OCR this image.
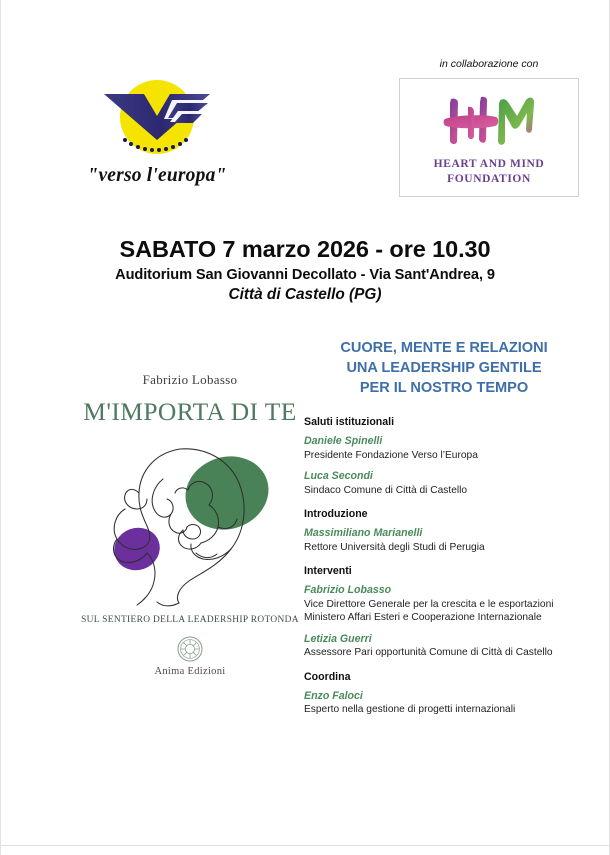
"verso l'europa"
in collaborazione con
HEART AND MIND
FOUNDATION
SABATO 7 marzo 2026 - ore 10.30
Auditorium San Giovanni Decollato - Via Sant'Andrea, 9
Città di Castello (PG)
Fabrizio Lobasso
M'IMPORTA DI TE
SUL SENTIERO DELLA LEADERSHIP ROTONDA
Anima Edizioni
CUORE, MENTE E RELAZIONI
UNA LEADERSHIP GENTILE
PER IL NOSTRO TEMPO
Saluti istituzionali
Daniele Spinelli
Presidente Fondazione Verso l’Europa
Luca Secondi
Sindaco Comune di Città di Castello
Introduzione
Massimiliano Marianelli
Rettore Università degli Studi di Perugia
Interventi
Fabrizio Lobasso
Vice Direttore Generale per la crescita e le esportazioni
Ministero Affari Esteri e Cooperazione Internazionale
Letizia Guerri
Assessore Pari opportunità Comune di Città di Castello
Coordina
Enzo Faloci
Esperto nella gestione di progetti internazionali
